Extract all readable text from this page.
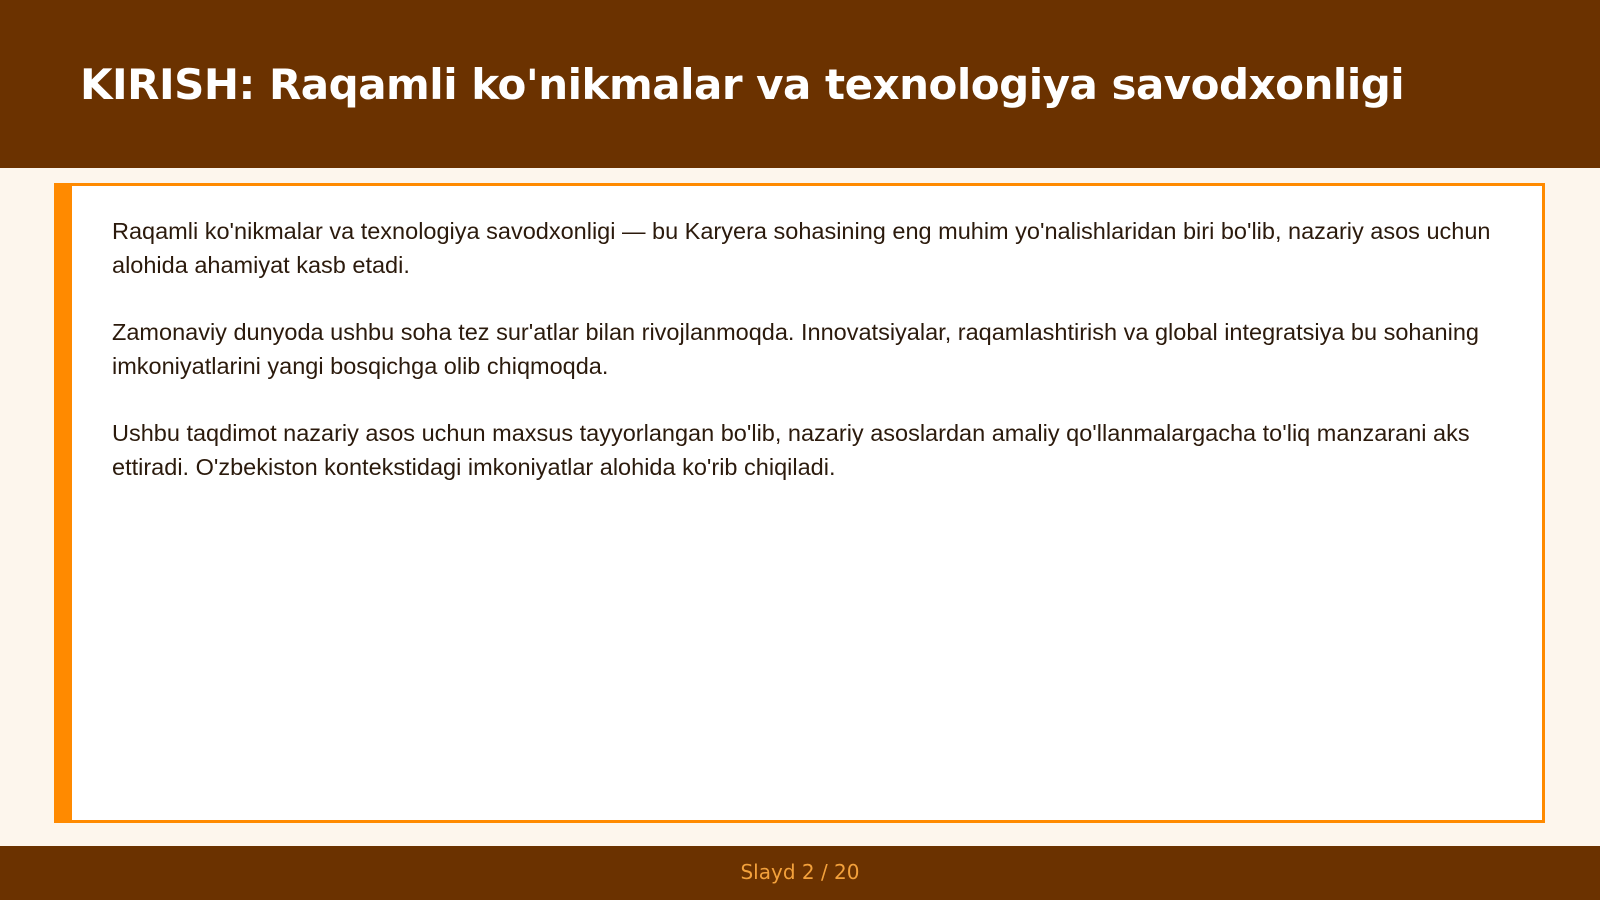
KIRISH: Raqamli ko'nikmalar va texnologiya savodxonligi

Raqamli ko'nikmalar va texnologiya savodxonligi — bu Karyera sohasining eng muhim yo'nalishlaridan biri bo'lib, nazariy asos uchun alohida ahamiyat kasb etadi.

Zamonaviy dunyoda ushbu soha tez sur'atlar bilan rivojlanmoqda. Innovatsiyalar, raqamlashtirish va global integratsiya bu sohaning imkoniyatlarini yangi bosqichga olib chiqmoqda.

Ushbu taqdimot nazariy asos uchun maxsus tayyorlangan bo'lib, nazariy asoslardan amaliy qo'llanmalargacha to'liq manzarani aks ettiradi. O'zbekiston kontekstidagi imkoniyatlar alohida ko'rib chiqiladi.

Slayd 2 / 20
